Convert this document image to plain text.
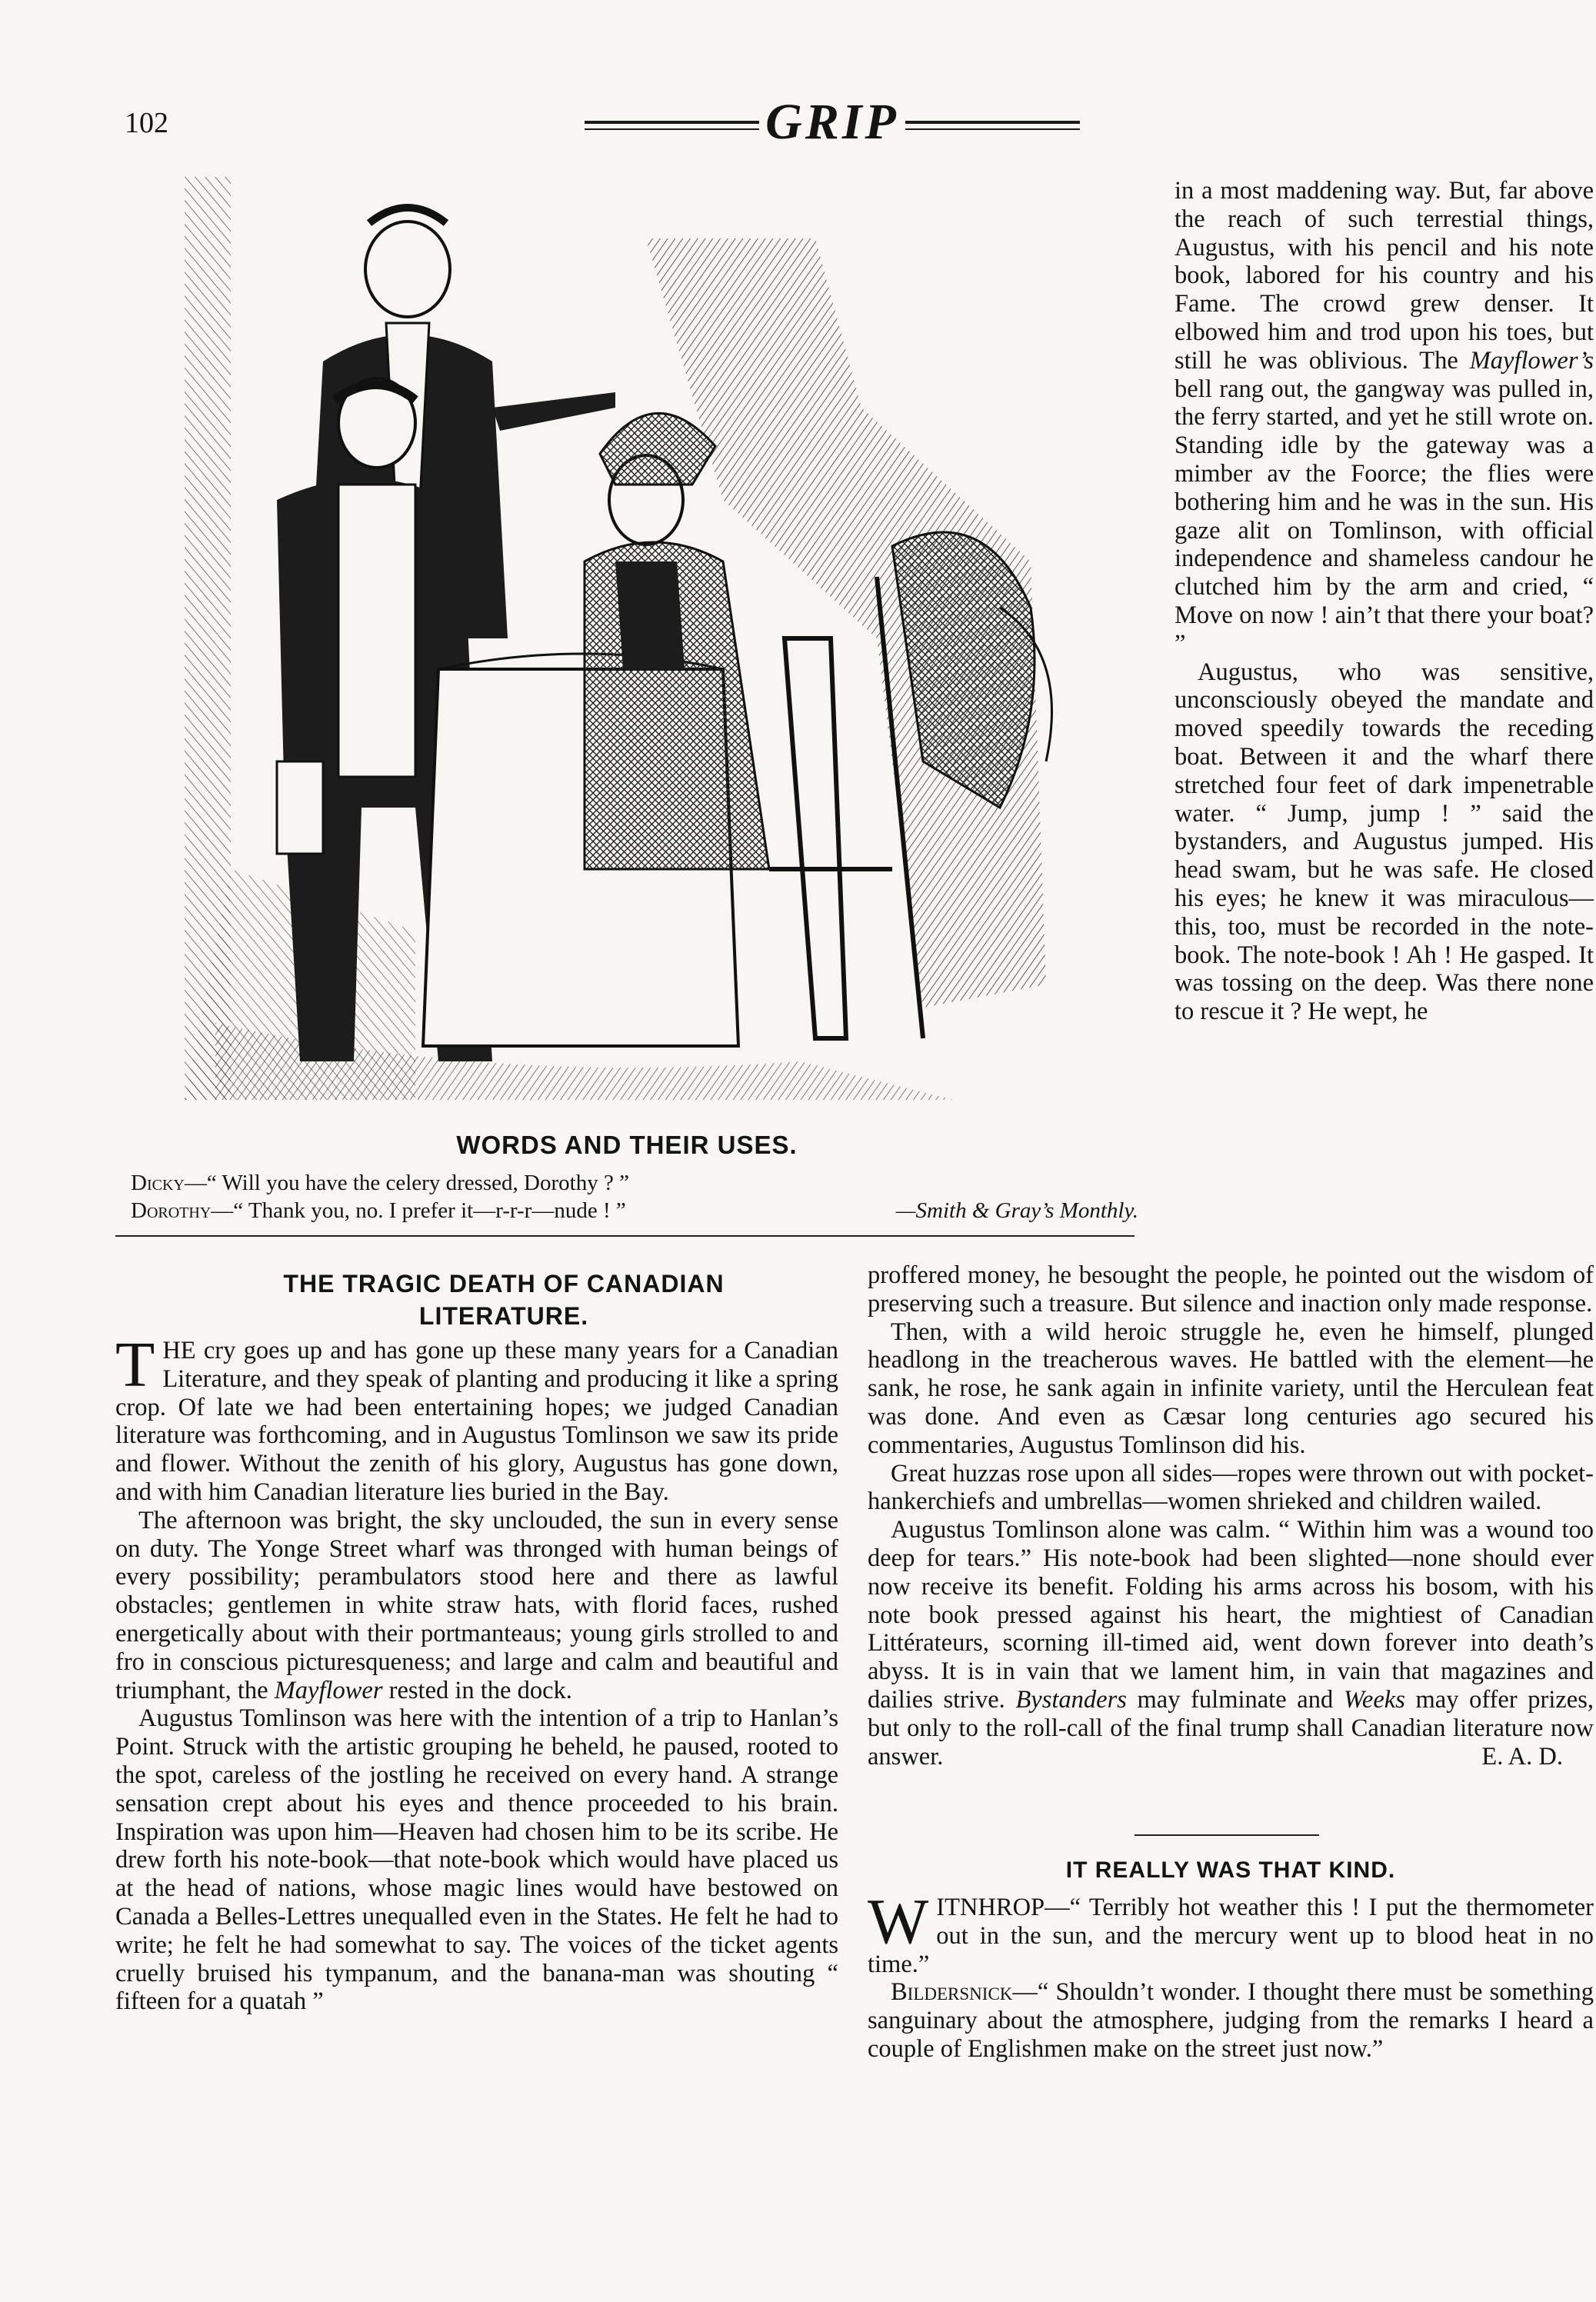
102	GRIP
WORDS AND THEIR USES.
Dicky—“ Will you have the celery dressed, Dorothy ? ”
Dorothy—“ Thank you, no. I prefer it—r-r-r—nude ! ”	—Smith & Gray’s Monthly.
THE TRAGIC DEATH OF CANADIAN
LITERATURE.

THE cry goes up and has gone up these many years for a Canadian Literature, and they speak of planting and producing it like a spring crop. Of late we had been entertaining hopes; we judged Canadian literature was forthcoming, and in Augustus Tomlinson we saw its pride and flower. Without the zenith of his glory, Augustus has gone down, and with him Canadian literature lies buried in the Bay.

The afternoon was bright, the sky unclouded, the sun in every sense on duty. The Yonge Street wharf was thronged with human beings of every possibility; perambulators stood here and there as lawful obstacles; gentlemen in white straw hats, with florid faces, rushed energetically about with their portmanteaus; young girls strolled to and fro in conscious picturesqueness; and large and calm and beautiful and triumphant, the Mayflower rested in the dock.

Augustus Tomlinson was here with the intention of a trip to Hanlan’s Point. Struck with the artistic grouping he beheld, he paused, rooted to the spot, careless of the jostling he received on every hand. A strange sensation crept about his eyes and thence proceeded to his brain. Inspiration was upon him—Heaven had chosen him to be its scribe. He drew forth his note-book—that note-book which would have placed us at the head of nations, whose magic lines would have bestowed on Canada a Belles-Lettres unequalled even in the States. He felt he had to write; he felt he had somewhat to say. The voices of the ticket agents cruelly bruised his tympanum, and the banana-man was shouting “ fifteen for a quatah ”

in a most maddening way. But, far above the reach of such terrestial things, Augustus, with his pencil and his note book, labored for his country and his Fame. The crowd grew denser. It elbowed him and trod upon his toes, but still he was oblivious. The Mayflower’s bell rang out, the gangway was pulled in, the ferry started, and yet he still wrote on. Standing idle by the gateway was a mimber av the Foorce; the flies were bothering him and he was in the sun. His gaze alit on Tomlinson, with official independence and shameless candour he clutched him by the arm and cried, “ Move on now ! ain’t that there your boat? ”

Augustus, who was sensitive, unconsciously obeyed the mandate and moved speedily towards the receding boat. Between it and the wharf there stretched four feet of dark impenetrable water. “ Jump, jump ! ” said the bystanders, and Augustus jumped. His head swam, but he was safe. He closed his eyes; he knew it was miraculous—this, too, must be recorded in the note-book. The note-book ! Ah ! He gasped. It was tossing on the deep. Was there none to rescue it ? He wept, he

proffered money, he besought the people, he pointed out the wisdom of preserving such a treasure. But silence and inaction only made response.

Then, with a wild heroic struggle he, even he himself, plunged headlong in the treacherous waves. He battled with the element—he sank, he rose, he sank again in infinite variety, until the Herculean feat was done. And even as Cæsar long centuries ago secured his commentaries, Augustus Tomlinson did his.

Great huzzas rose upon all sides—ropes were thrown out with pocket-hankerchiefs and umbrellas—women shrieked and children wailed.

Augustus Tomlinson alone was calm. “ Within him was a wound too deep for tears.” His note-book had been slighted—none should ever now receive its benefit. Folding his arms across his bosom, with his note book pressed against his heart, the mightiest of Canadian Littérateurs, scorning ill-timed aid, went down forever into death’s abyss. It is in vain that we lament him, in vain that magazines and dailies strive. Bystanders may fulminate and Weeks may offer prizes, but only to the roll-call of the final trump shall Canadian literature now answer.	E. A. D.

IT REALLY WAS THAT KIND.

WITNHROP—“ Terribly hot weather this ! I put the thermometer out in the sun, and the mercury went up to blood heat in no time.”

Bildersnick—“ Shouldn’t wonder. I thought there must be something sanguinary about the atmosphere, judging from the remarks I heard a couple of Englishmen make on the street just now.”
